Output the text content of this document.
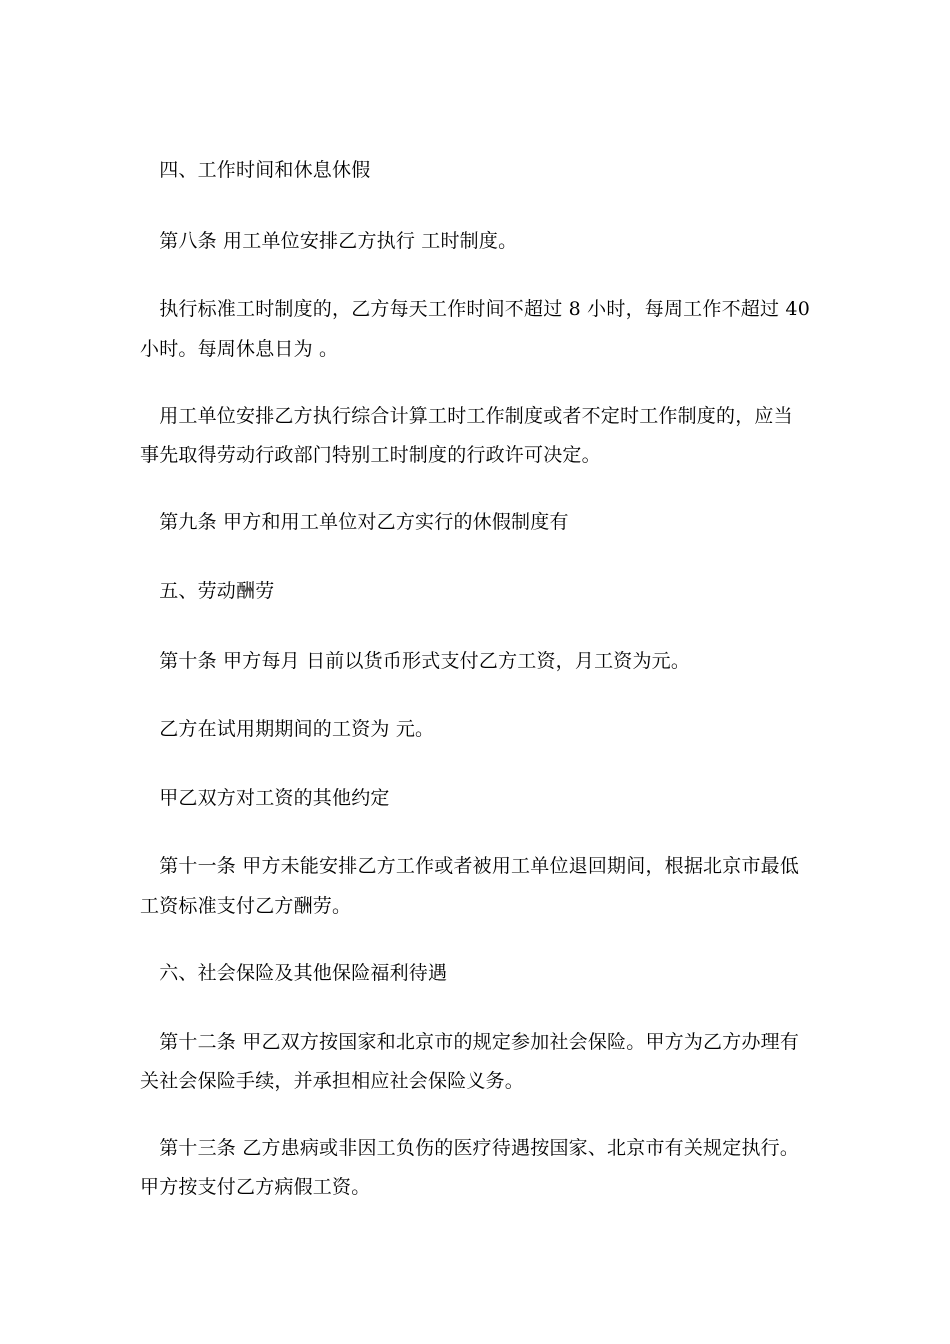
　四、工作时间和休息休假
　第八条 用工单位安排乙方执行 工时制度。
　执行标准工时制度的，乙方每天工作时间不超过 8 小时，每周工作不超过 40
小时。每周休息日为 。
　用工单位安排乙方执行综合计算工时工作制度或者不定时工作制度的，应当
事先取得劳动行政部门特别工时制度的行政许可决定。
　第九条 甲方和用工单位对乙方实行的休假制度有
　五、劳动酬劳
　第十条 甲方每月 日前以货币形式支付乙方工资，月工资为元。
　乙方在试用期期间的工资为 元。
　甲乙双方对工资的其他约定
　第十一条 甲方未能安排乙方工作或者被用工单位退回期间，根据北京市最低
工资标准支付乙方酬劳。
　六、社会保险及其他保险福利待遇
　第十二条 甲乙双方按国家和北京市的规定参加社会保险。甲方为乙方办理有
关社会保险手续，并承担相应社会保险义务。
　第十三条 乙方患病或非因工负伤的医疗待遇按国家、北京市有关规定执行。
甲方按支付乙方病假工资。
